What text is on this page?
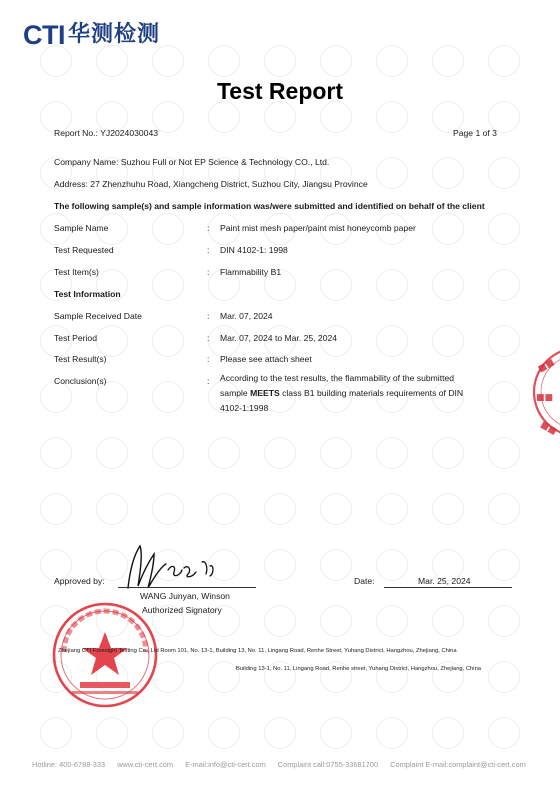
CTI 华测检测
Test Report
Report No.: YJ2024030043	Page 1 of 3
Company Name: Suzhou Full or Not EP Science & Technology CO., Ltd.
Address: 27 Zhenzhuhu Road, Xiangcheng District, Suzhou City, Jiangsu Province
The following sample(s) and sample information was/were submitted and identified on behalf of the client
Sample Name	: Paint mist mesh paper/paint mist honeycomb paper
Test Requested	: DIN 4102-1: 1998
Test Item(s)	: Flammability B1
Test Information
Sample Received Date	: Mar. 07, 2024
Test Period	: Mar. 07, 2024 to Mar. 25, 2024
Test Result(s)	: Please see attach sheet
Conclusion(s)	: According to the test results, the flammability of the submitted
sample MEETS class B1 building materials requirements of DIN
4102-1:1998
■■
■■
■■
Approved by:
WANG Junyan, Winson
Authorized Signatory
Date:	Mar. 25, 2024
Zhejiang CTI Foresight Testing Co., Ltd Room 101, No. 13-1, Building 13, No. 11, Lingang Road, Renhe Street, Yuhang District, Hangzhou, Zhejiang, China
Building 13-1, No. 11, Lingang Road, Renhe street, Yuhang District, Hangzhou, Zhejiang, China
Hotline: 400-6788-333 www.cti-cert.com E-mail:info@cti-cert.com Complaint call:0755-33681700 Complaint E-mail:complaint@cti-cert.com
